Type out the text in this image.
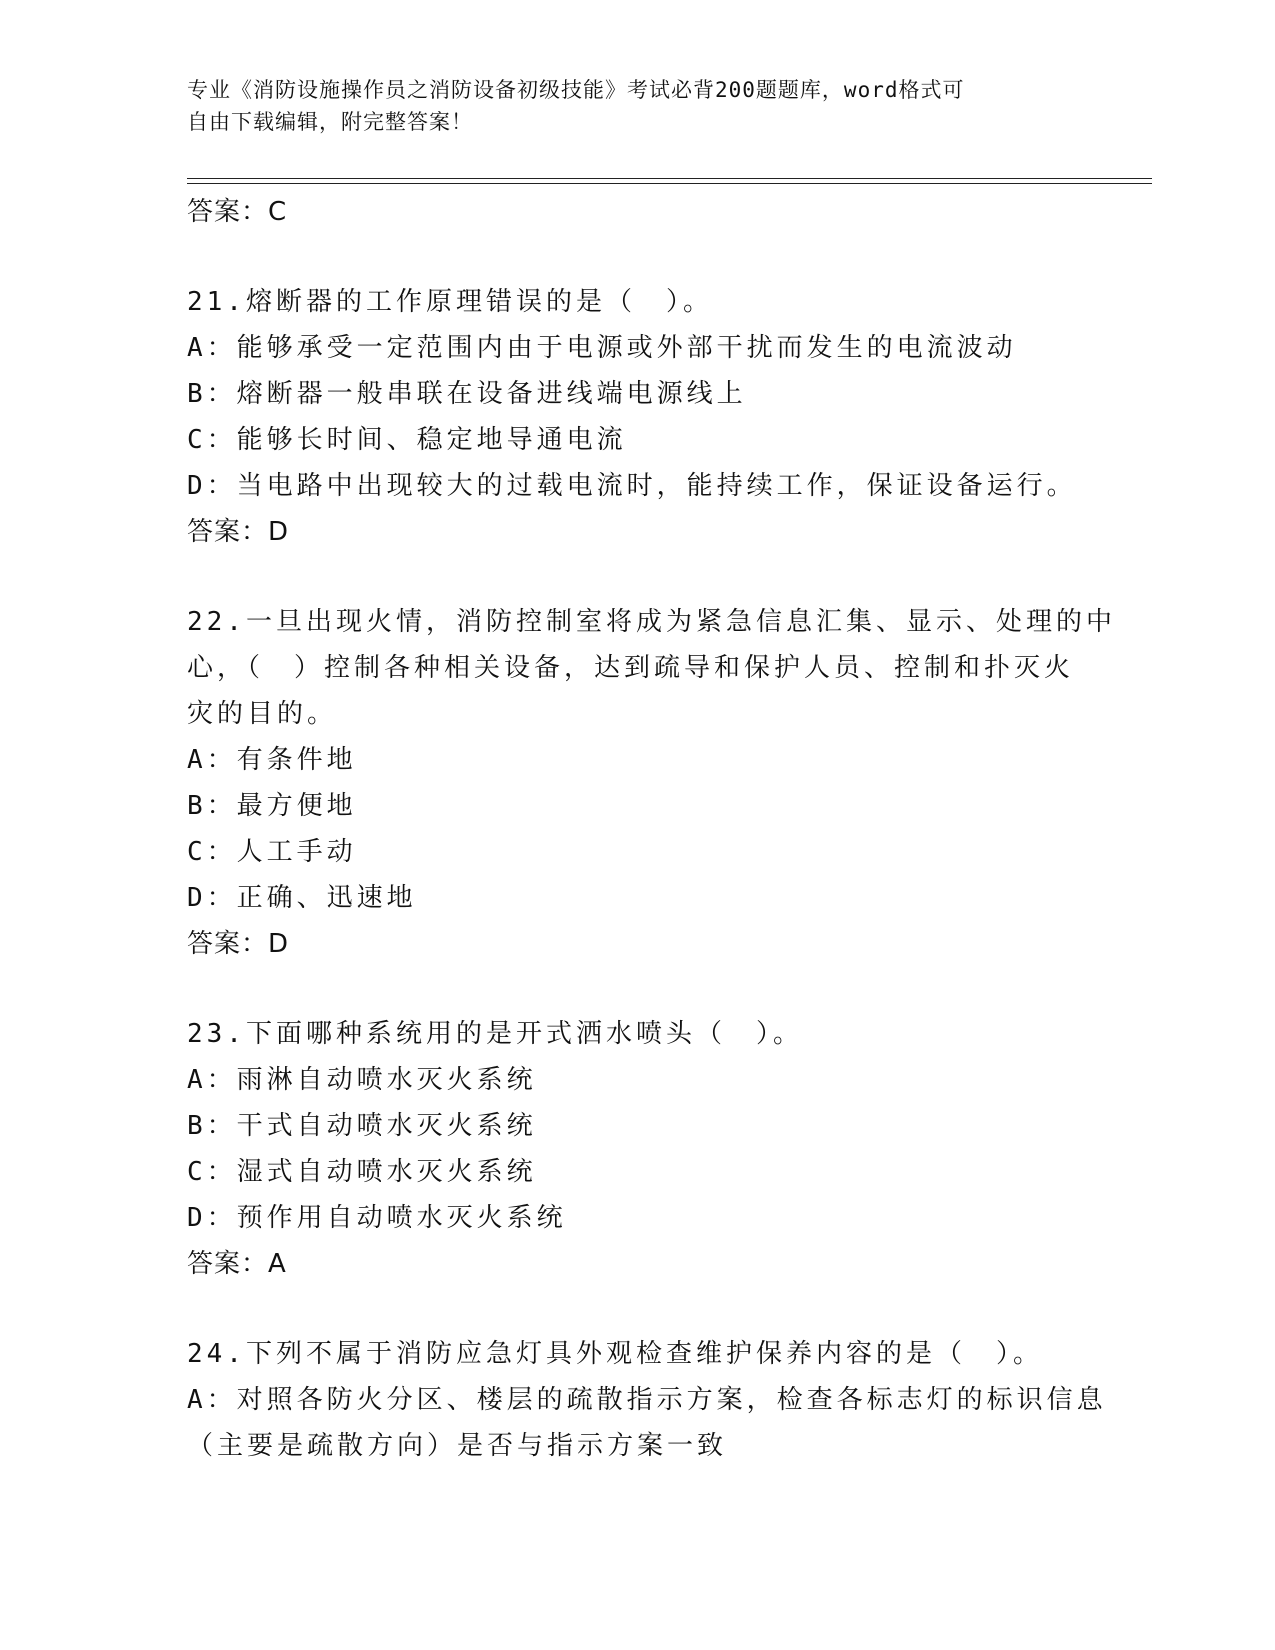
专业《消防设施操作员之消防设备初级技能》考试必背200题题库，word格式可
自由下载编辑，附完整答案！
答案：C
21.熔断器的工作原理错误的是（　）。
A：能够承受一定范围内由于电源或外部干扰而发生的电流波动
B：熔断器一般串联在设备进线端电源线上
C：能够长时间、稳定地导通电流
D：当电路中出现较大的过载电流时，能持续工作，保证设备运行。
答案：D
22.一旦出现火情，消防控制室将成为紧急信息汇集、显示、处理的中
心，（　）控制各种相关设备，达到疏导和保护人员、控制和扑灭火
灾的目的。
A：有条件地
B：最方便地
C：人工手动
D：正确、迅速地
答案：D
23.下面哪种系统用的是开式洒水喷头（　）。
A：雨淋自动喷水灭火系统
B：干式自动喷水灭火系统
C：湿式自动喷水灭火系统
D：预作用自动喷水灭火系统
答案：A
24.下列不属于消防应急灯具外观检查维护保养内容的是（　）。
A：对照各防火分区、楼层的疏散指示方案，检查各标志灯的标识信息
（主要是疏散方向）是否与指示方案一致
